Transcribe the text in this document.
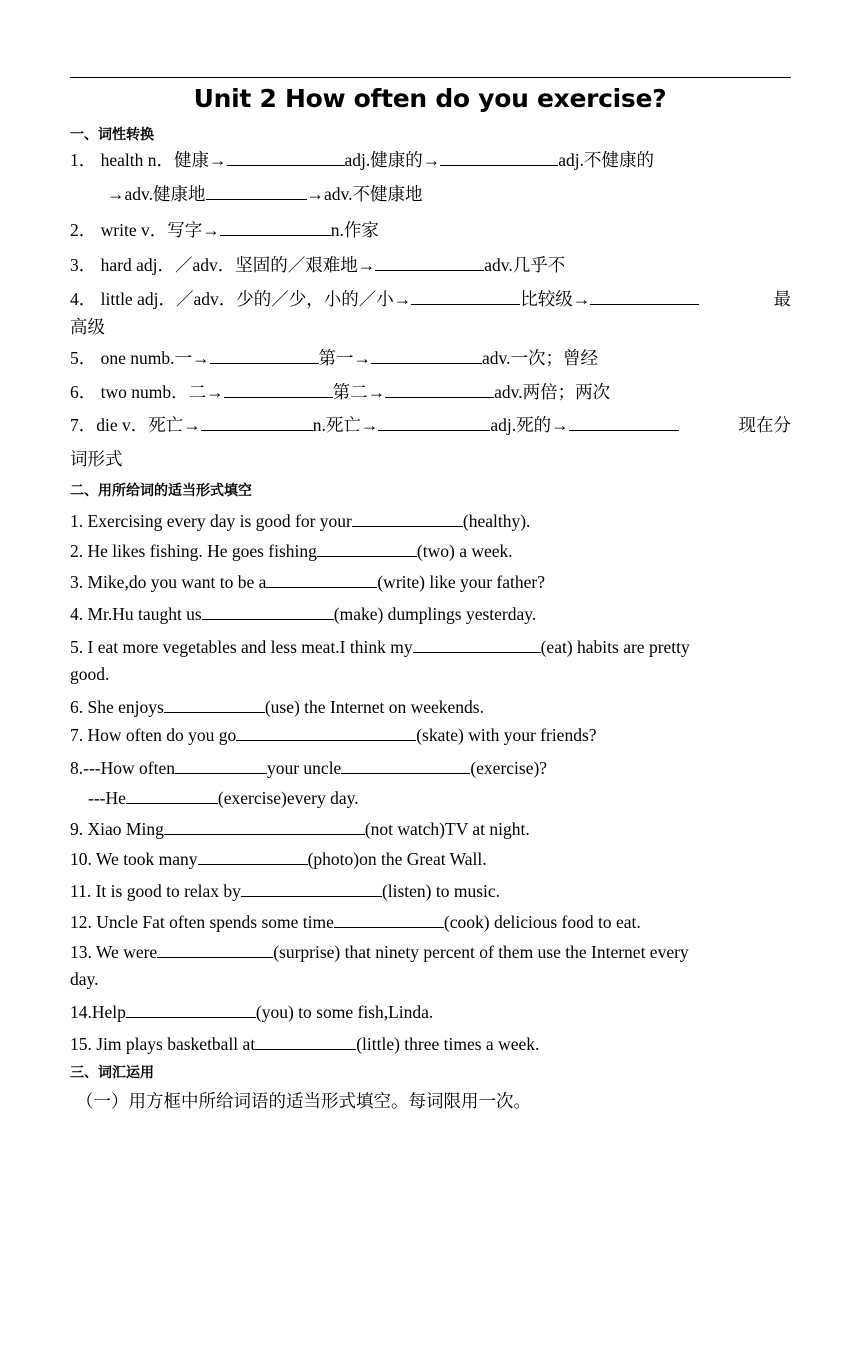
Unit 2 How often do you exercise?
一、词性转换
1． health n．健康→	adj.健康的→	adj.不健康的
→adv.健康地	→adv.不健康地
2． write v．写字→	n.作家
3． hard adj．／adv．坚固的／艰难地→	adv.几乎不
4． little adj．／adv．少的／少，小的／小→	比较级→	最
高级
5． one numb.一→	第一→	adv.一次；曾经
6． two numb．二→	第二→	adv.两倍；两次
7．die v．死亡→	n.死亡→	adj.死的→	现在分
词形式
二、用所给词的适当形式填空
1. Exercising every day is good for your	(healthy).
2. He likes fishing. He goes fishing	(two) a week.
3. Mike,do you want to be a	(write) like your father?
4. Mr.Hu taught us	(make) dumplings yesterday.
5. I eat more vegetables and less meat.I think my	(eat) habits are pretty
good.
6. She enjoys	(use) the Internet on weekends.
7. How often do you go	(skate) with your friends?
8.---How often	your uncle	(exercise)?
---He	(exercise)every day.
9. Xiao Ming	(not watch)TV at night.
10. We took many	(photo)on the Great Wall.
11. It is good to relax by	(listen) to music.
12. Uncle Fat often spends some time	(cook) delicious food to eat.
13. We were	(surprise) that ninety percent of them use the Internet every
day.
14.Help	(you) to some fish,Linda.
15. Jim plays basketball at	(little) three times a week.
三、词汇运用
（一）用方框中所给词语的适当形式填空。每词限用一次。
